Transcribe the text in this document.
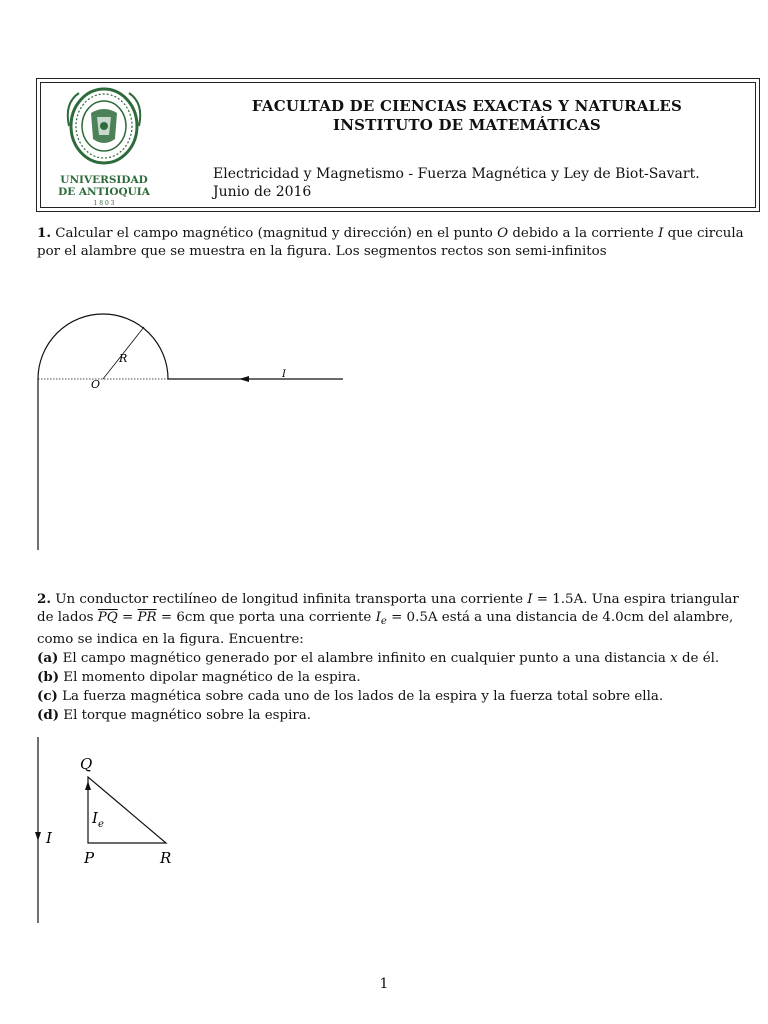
UNIVERSIDAD
DE ANTIOQUIA
1 8 0 3
FACULTAD DE CIENCIAS EXACTAS Y NATURALES
INSTITUTO DE MATEMÁTICAS
Electricidad y Magnetismo - Fuerza Magnética y Ley de Biot-Savart.
Junio de 2016

1. Calcular el campo magnético (magnitud y dirección) en el punto O debido a la corriente I que circula

por el alambre que se muestra en la figura. Los segmentos rectos son semi-infinitos

R
O
I

2. Un conductor rectilíneo de longitud infinita transporta una corriente I = 1.5A. Una espira triangular

de lados $\overline{PQ} = \overline{PR} = 6cm$ que porta una corriente $I_e = 0.5A$ está a una distancia de 4.0cm del alambre,

como se indica en la figura. Encuentre:

(a) El campo magnético generado por el alambre infinito en cualquier punto a una distancia x de él.

(b) El momento dipolar magnético de la espira.

(c) La fuerza magnética sobre cada uno de los lados de la espira y la fuerza total sobre ella.

(d) El torque magnético sobre la espira.

Q
$I_e$
I
P	R
1
